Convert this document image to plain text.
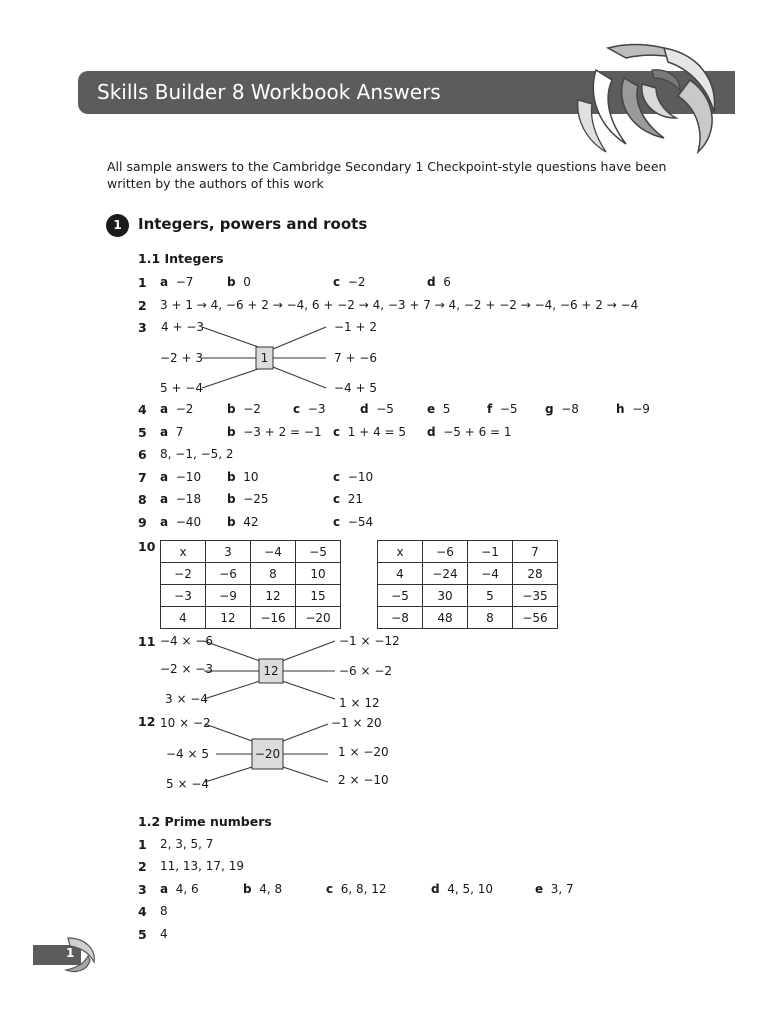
Skills Builder 8 Workbook Answers
All sample answers to the Cambridge Secondary 1 Checkpoint-style questions have been written by the authors of this work
1	Integers, powers and roots
1.1 Integers
1 a −7	b 0	c −2	d 6
2 3 + 1 → 4, −6 + 2 → −4, 6 + −2 → 4, −3 + 7 → 4, −2 + −2 → −4, −6 + 2 → −4
3
1
4 + −3
−2 + 3
5 + −4
−1 + 2
7 + −6
−4 + 5
4 a −2	b −2	c −3	d −5	e 5	f −5 g −8	h −9
5 a 7	b −3 + 2 = −1 c 1 + 4 = 5 d −5 + 6 = 1
6 8, −1, −5, 2
7 a −10 b 10	c −10
8 a −18 b −25	c 21
9 a −40 b 42	c −54
10 x	3	−4	−5
−2	−6	8	10
−3	−9	12	15
4	12	−16	−20
x	−6	−1	7
4	−24	−4	28
−5	30	5	−35
−8	48	8	−56
11
12
−4 × −6
−2 × −3
3 × −4
−1 × −12
−6 × −2
1 × 12
12
−20
10 × −2
−4 × 5
5 × −4
−1 × 20
1 × −20
2 × −10
1.2 Prime numbers
1 2, 3, 5, 7
2 11, 13, 17, 19
3 a 4, 6	b 4, 8	c 6, 8, 12	d 4, 5, 10	e 3, 7
4 8
5 4
1
